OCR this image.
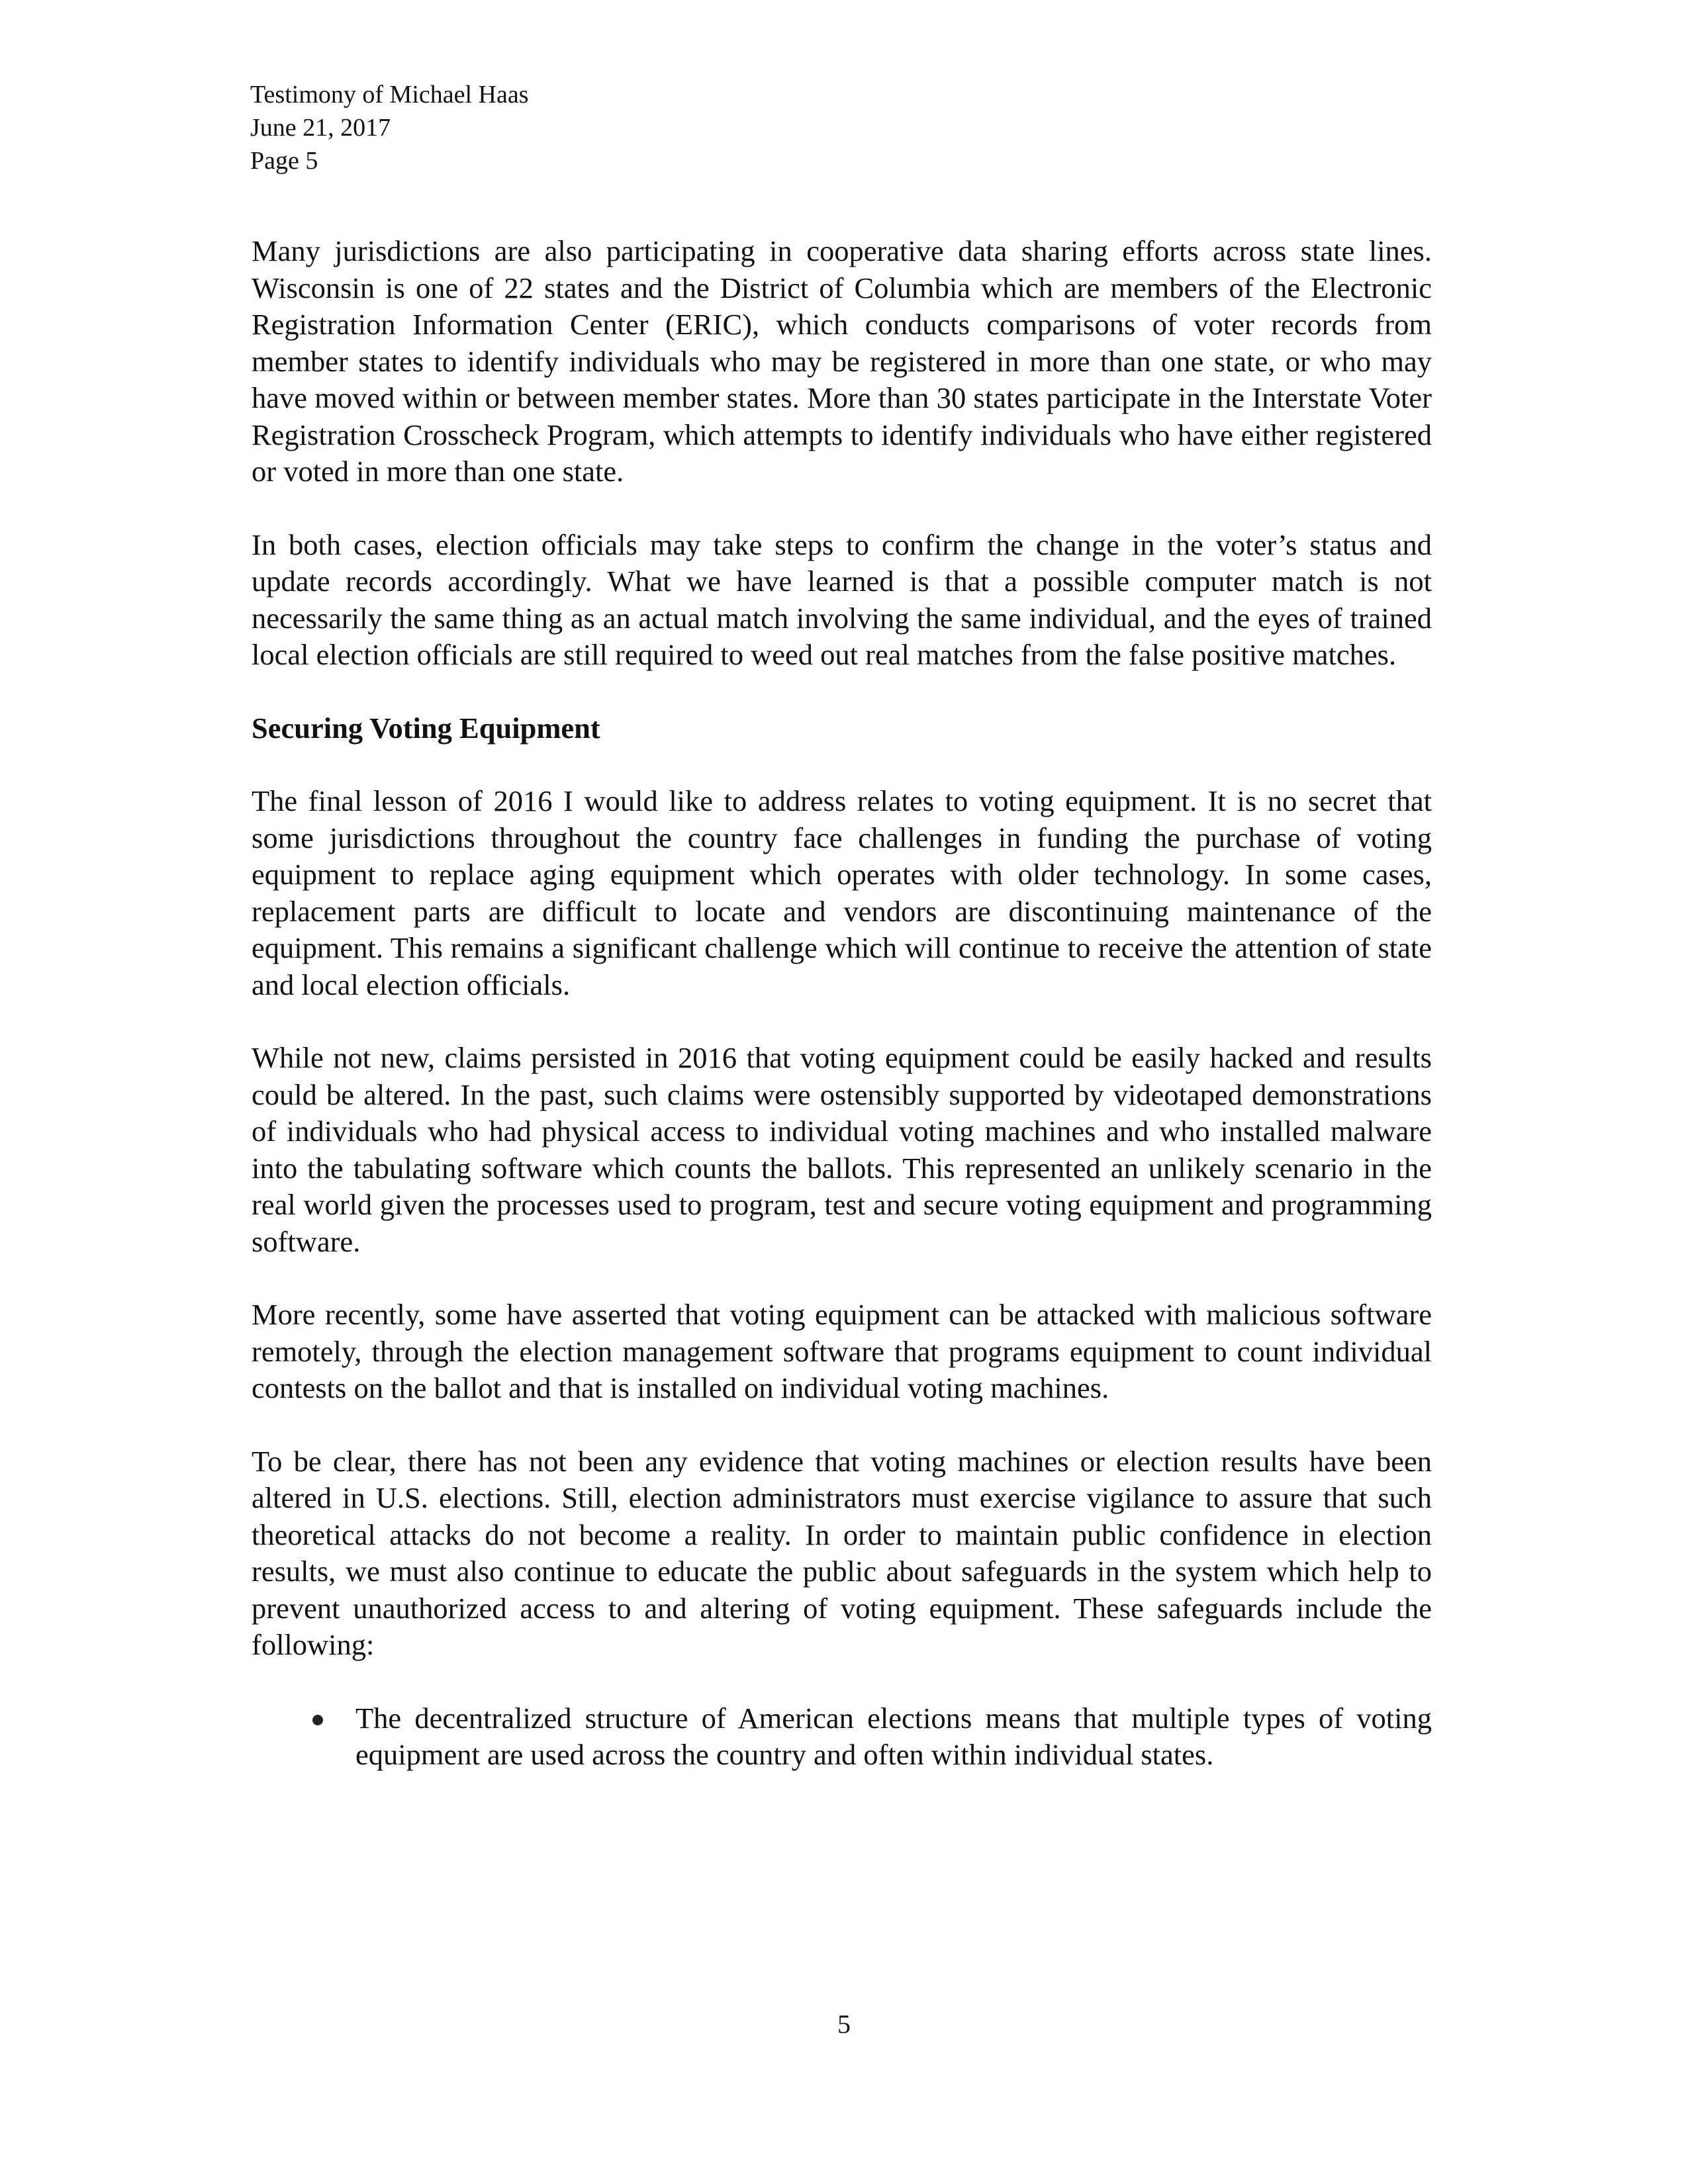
Testimony of Michael Haas
June 21, 2017
Page 5

Many jurisdictions are also participating in cooperative data sharing efforts across state lines. Wisconsin is one of 22 states and the District of Columbia which are members of the Electronic Registration Information Center (ERIC), which conducts comparisons of voter records from member states to identify individuals who may be registered in more than one state, or who may have moved within or between member states. More than 30 states participate in the Interstate Voter Registration Crosscheck Program, which attempts to identify individuals who have either registered or voted in more than one state.

In both cases, election officials may take steps to confirm the change in the voter’s status and update records accordingly. What we have learned is that a possible computer match is not necessarily the same thing as an actual match involving the same individual, and the eyes of trained local election officials are still required to weed out real matches from the false positive matches.

Securing Voting Equipment

The final lesson of 2016 I would like to address relates to voting equipment. It is no secret that some jurisdictions throughout the country face challenges in funding the purchase of voting equipment to replace aging equipment which operates with older technology. In some cases, replacement parts are difficult to locate and vendors are discontinuing maintenance of the equipment. This remains a significant challenge which will continue to receive the attention of state and local election officials.

While not new, claims persisted in 2016 that voting equipment could be easily hacked and results could be altered. In the past, such claims were ostensibly supported by videotaped demonstrations of individuals who had physical access to individual voting machines and who installed malware into the tabulating software which counts the ballots. This represented an unlikely scenario in the real world given the processes used to program, test and secure voting equipment and programming software.

More recently, some have asserted that voting equipment can be attacked with malicious software remotely, through the election management software that programs equipment to count individual contests on the ballot and that is installed on individual voting machines.

To be clear, there has not been any evidence that voting machines or election results have been altered in U.S. elections. Still, election administrators must exercise vigilance to assure that such theoretical attacks do not become a reality. In order to maintain public confidence in election results, we must also continue to educate the public about safeguards in the system which help to prevent unauthorized access to and altering of voting equipment. These safeguards include the following:

The decentralized structure of American elections means that multiple types of voting equipment are used across the country and often within individual states.
5
